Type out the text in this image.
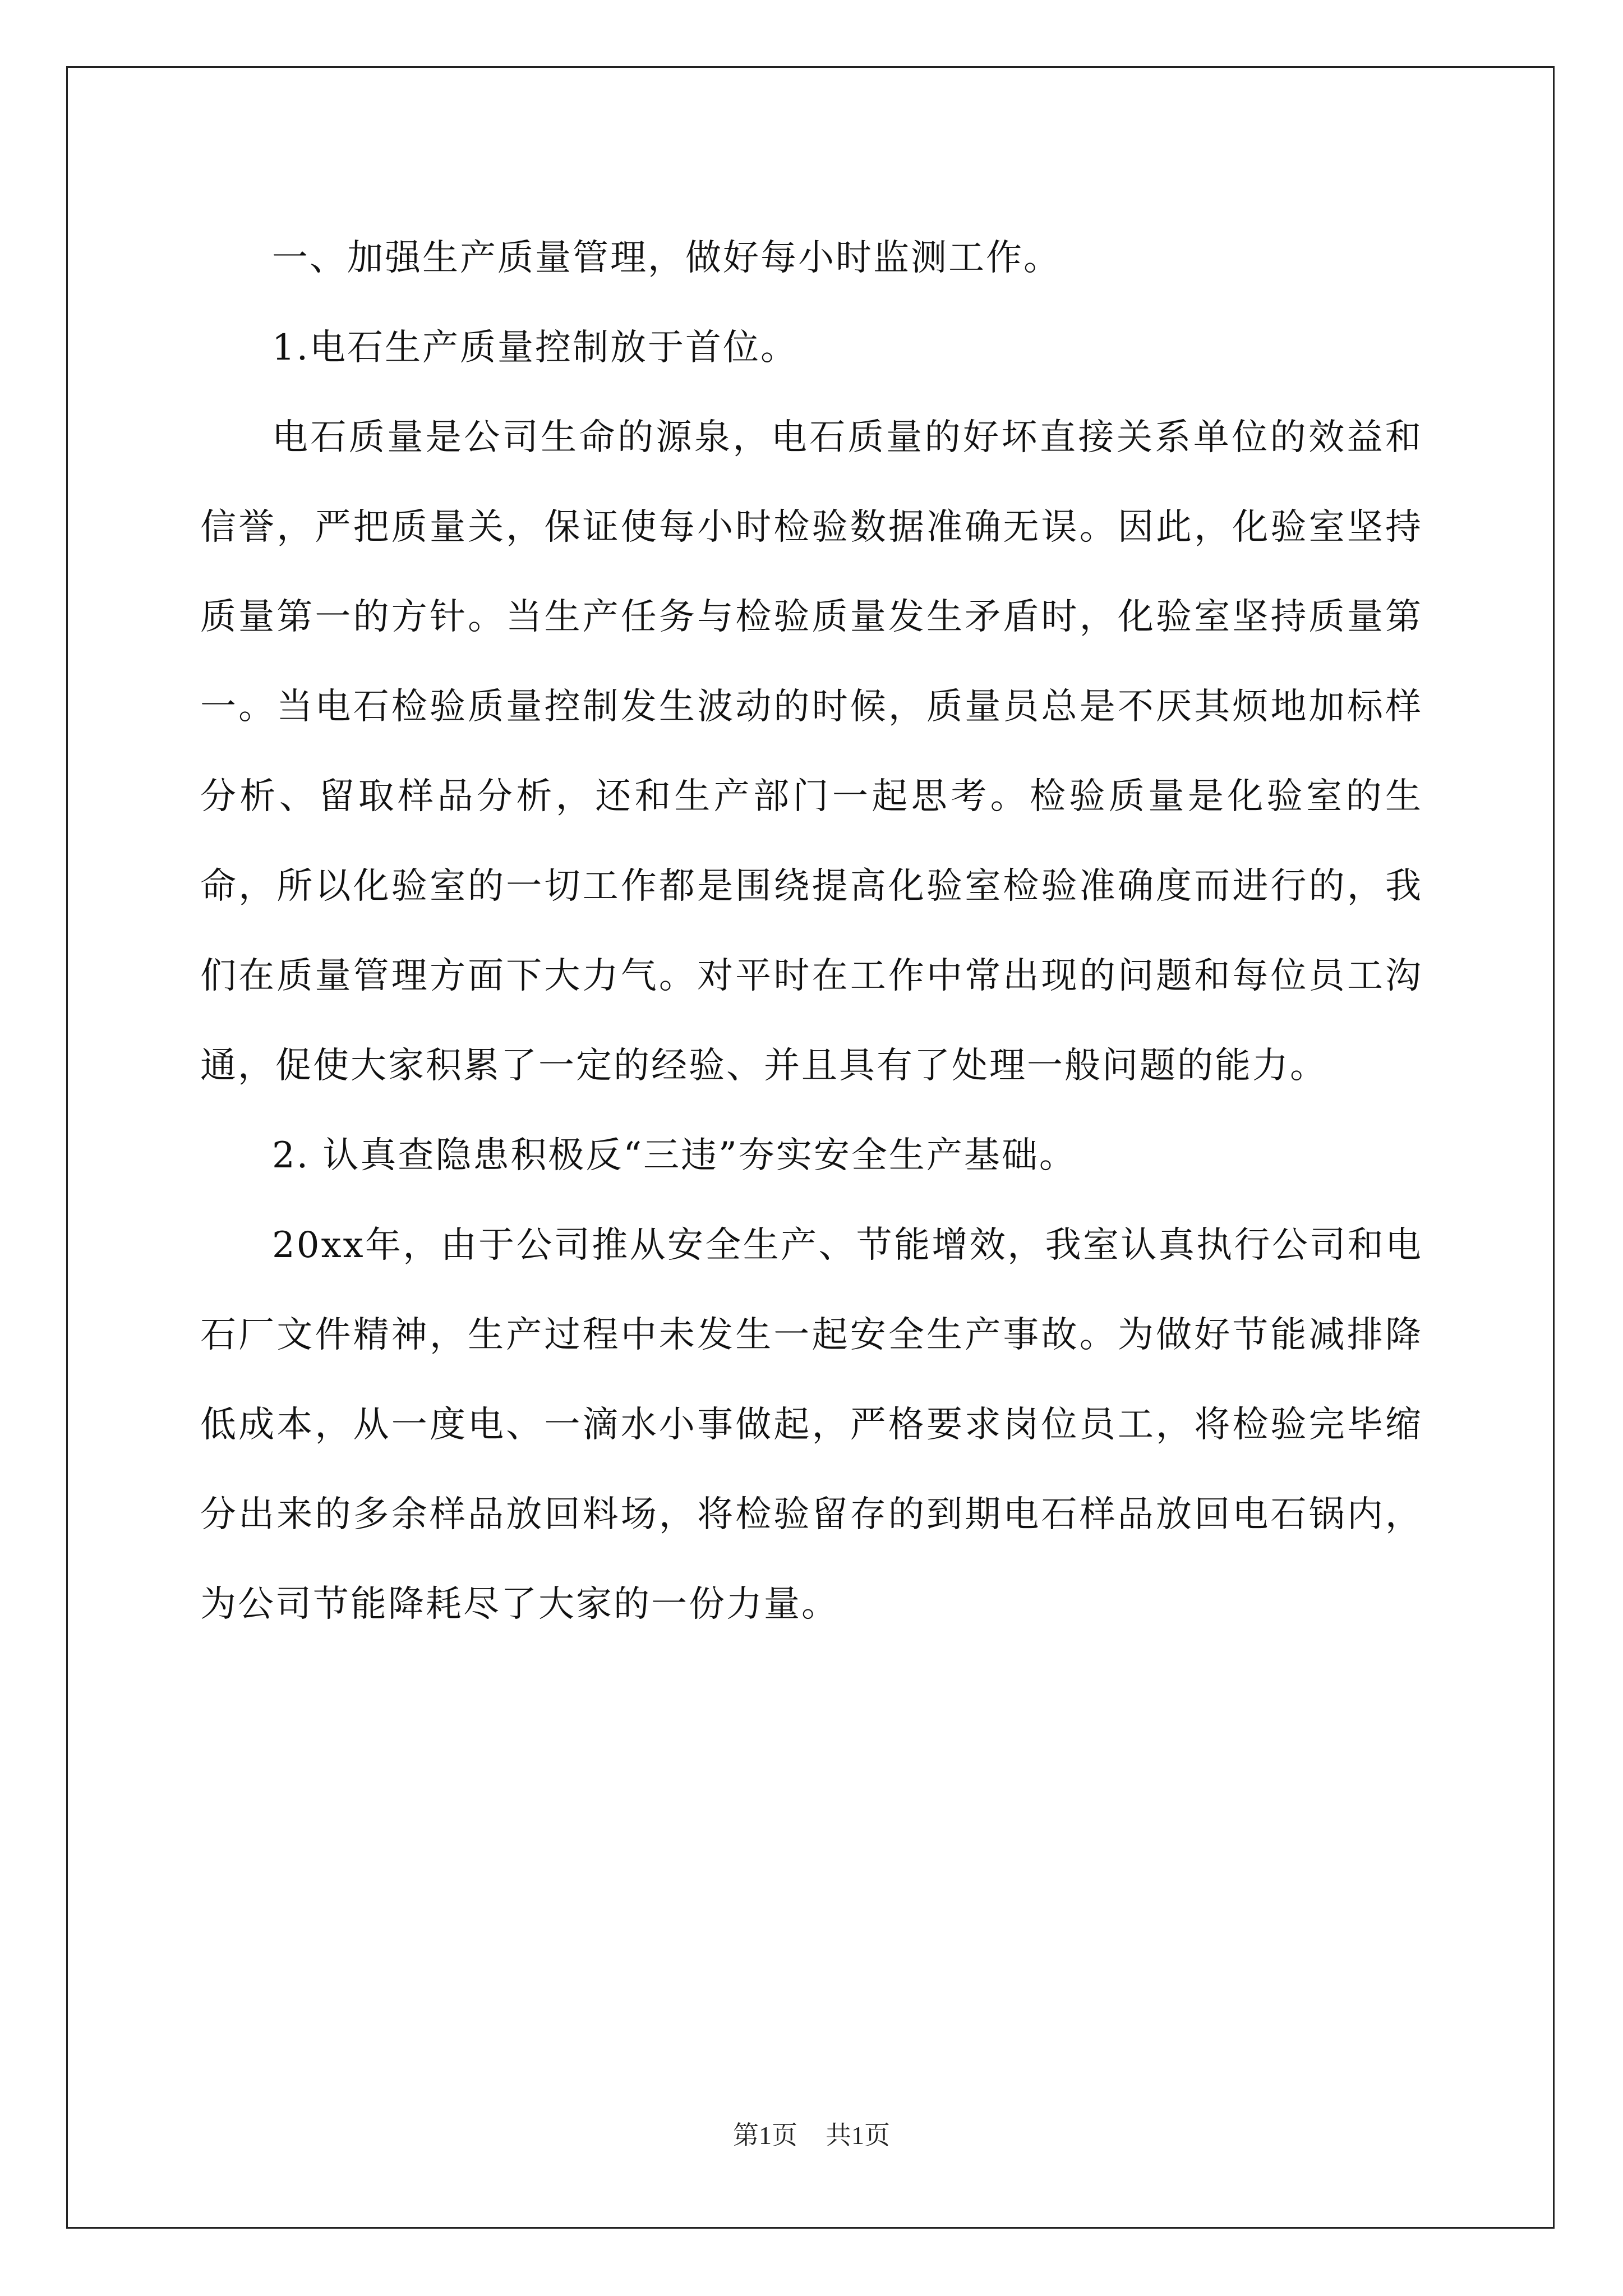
一、加强生产质量管理，做好每小时监测工作。

1.电石生产质量控制放于首位。

电石质量是公司生命的源泉，电石质量的好坏直接关系单位的效益和信誉，严把质量关，保证使每小时检验数据准确无误。因此，化验室坚持质量第一的方针。当生产任务与检验质量发生矛盾时，化验室坚持质量第一。当电石检验质量控制发生波动的时候，质量员总是不厌其烦地加标样分析、留取样品分析，还和生产部门一起思考。检验质量是化验室的生命，所以化验室的一切工作都是围绕提高化验室检验准确度而进行的，我们在质量管理方面下大力气。对平时在工作中常出现的问题和每位员工沟通，促使大家积累了一定的经验、并且具有了处理一般问题的能力。

2. 认真查隐患积极反“三违”夯实安全生产基础。

20xx年，由于公司推从安全生产、节能增效，我室认真执行公司和电石厂文件精神，生产过程中未发生一起安全生产事故。为做好节能减排降低成本，从一度电、一滴水小事做起，严格要求岗位员工，将检验完毕缩分出来的多余样品放回料场，将检验留存的到期电石样品放回电石锅内，为公司节能降耗尽了大家的一份力量。

第1页 共1页
